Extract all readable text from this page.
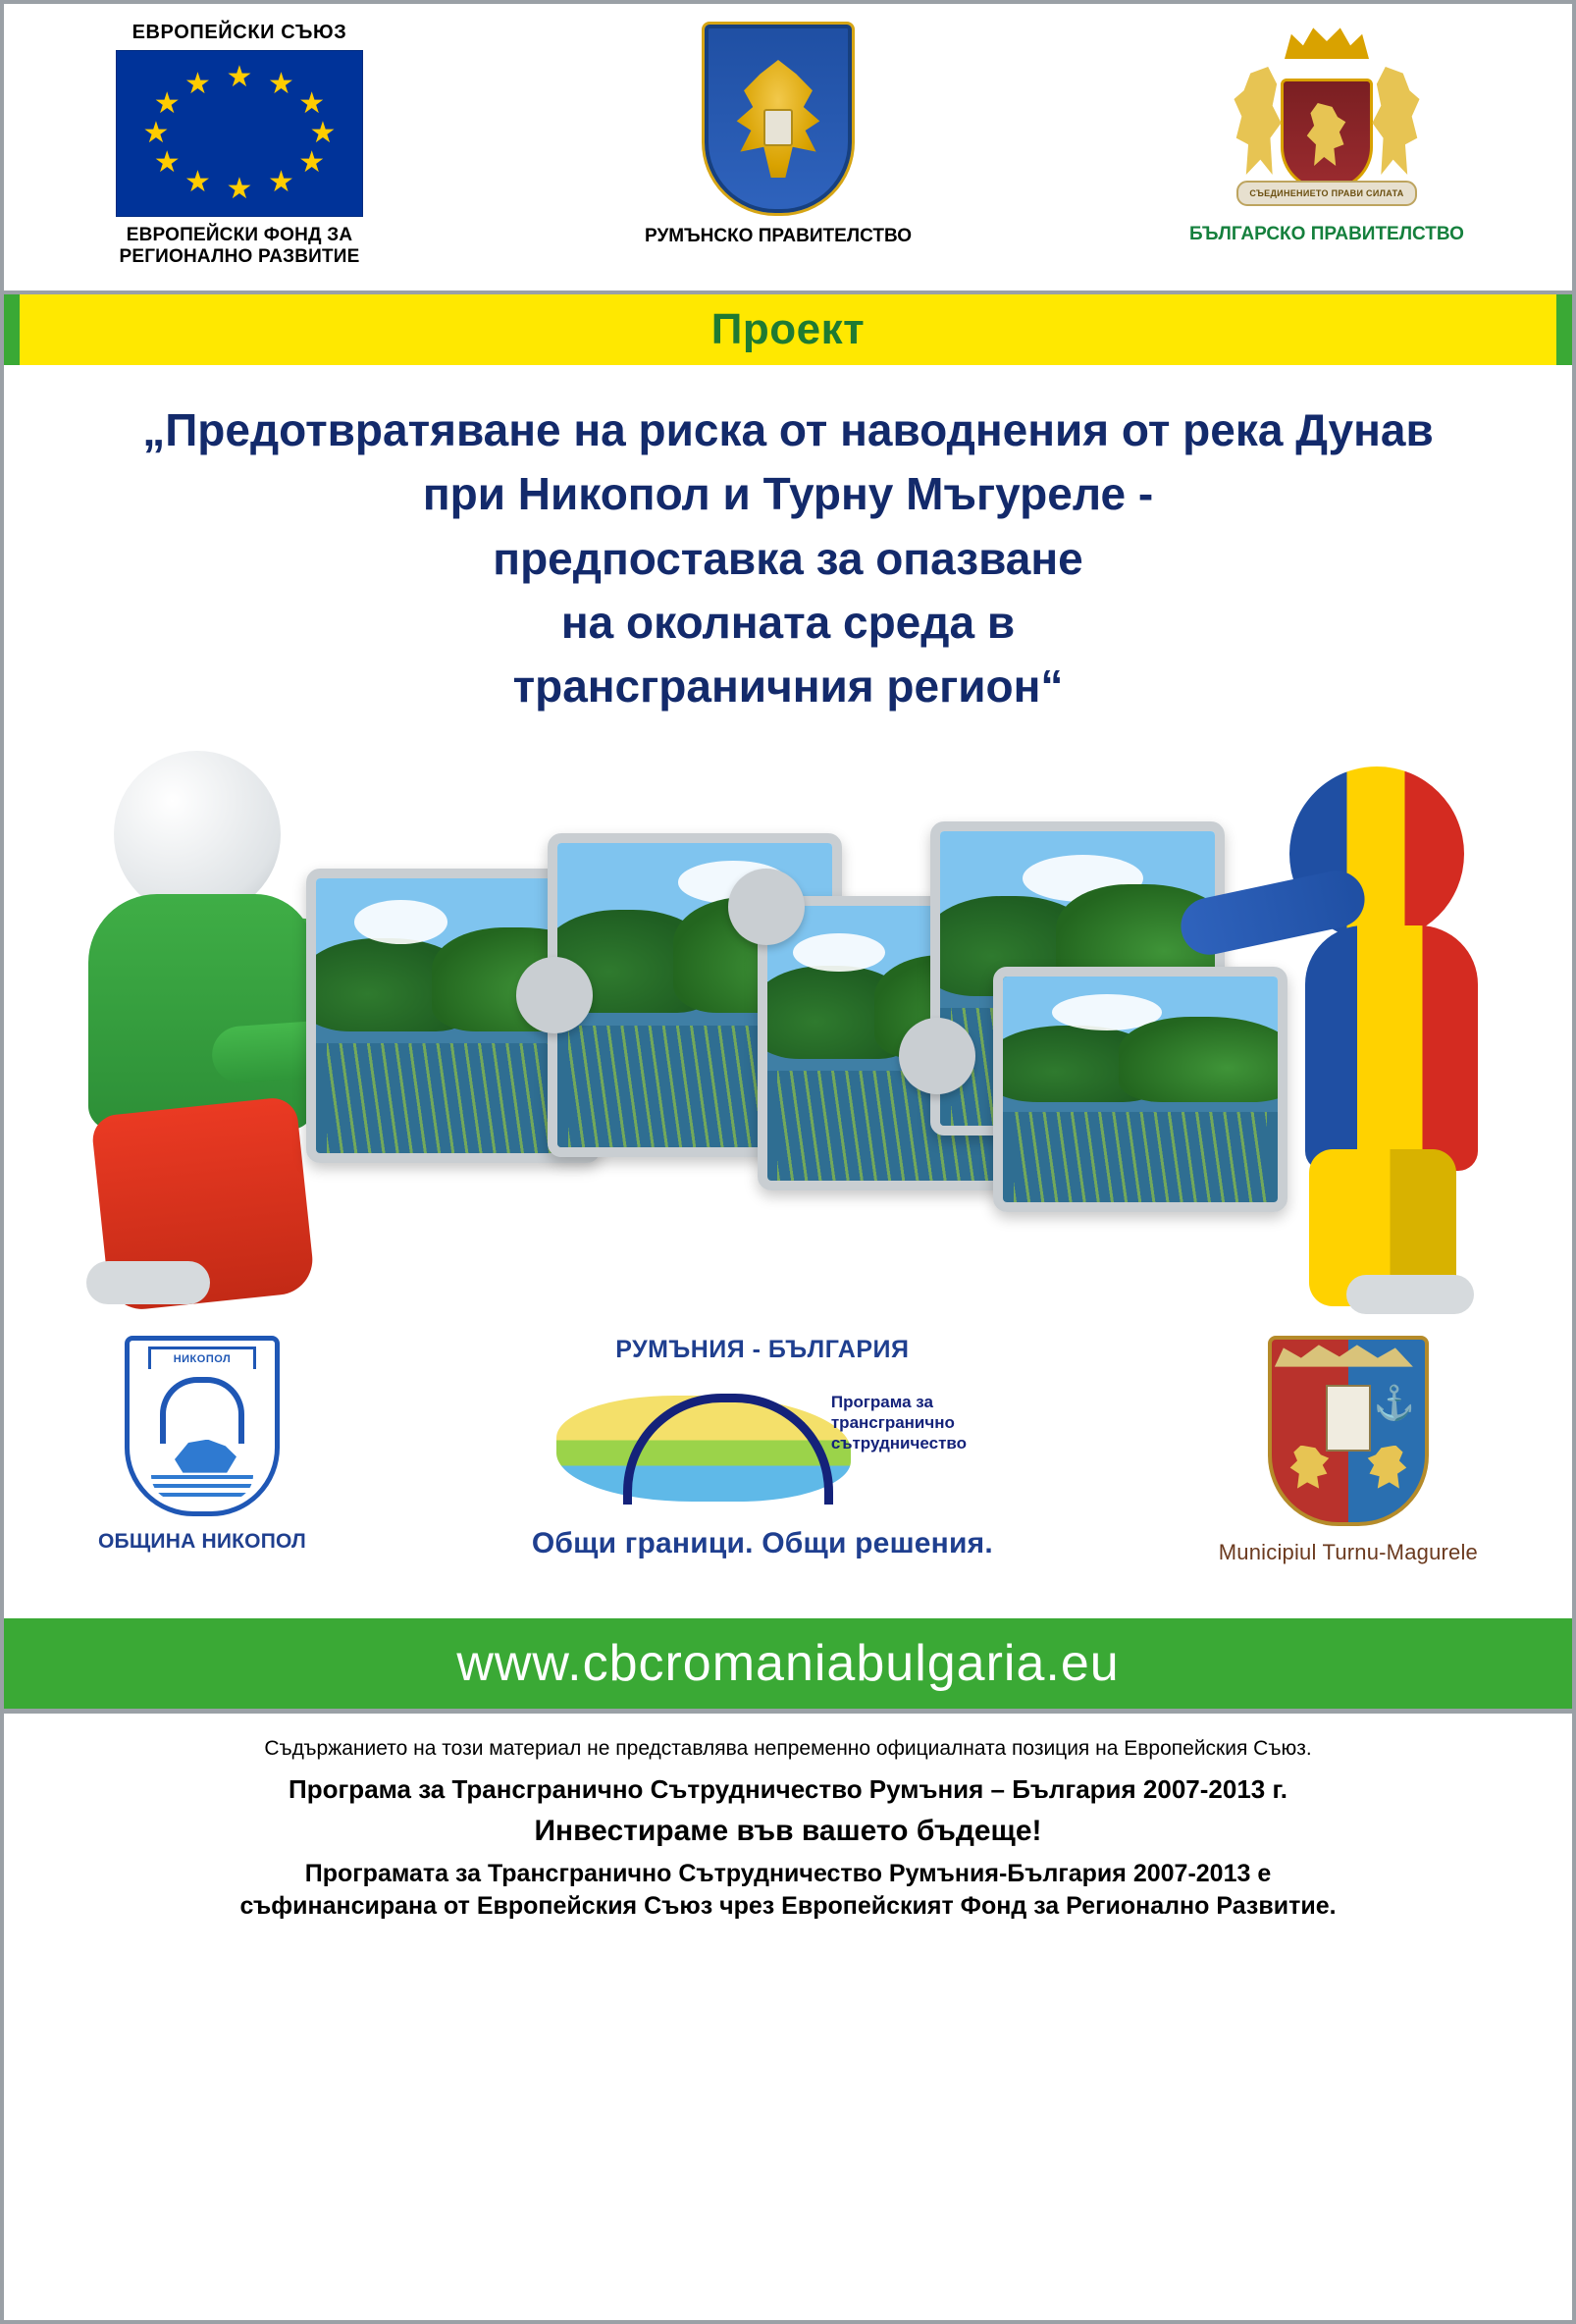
ЕВРОПЕЙСКИ СЪЮЗ
★ ★
★
★
★
★
★
★
★
★
★
★
ЕВРОПЕЙСКИ ФОНД ЗА
РЕГИОНАЛНО РАЗВИТИЕ
РУМЪНСКО ПРАВИТЕЛСТВО
СЪЕДИНЕНИЕТО ПРАВИ СИЛАТА
БЪЛГАРСКО ПРАВИТЕЛСТВО
Проект
„Предотвратяване на риска от наводнения от река Дунав
при Никопол и Турну Мъгуреле -
предпоставка за опазване
на околната среда в
трансграничния регион“
НИКОПОЛ
ОБЩИНА НИКОПОЛ
РУМЪНИЯ - БЪЛГАРИЯ
Програма за
трансгранично
сътрудничество
Общи граници. Общи решения.
⚓
Municipiul Turnu-Magurele
www.cbcromaniabulgaria.eu
Съдържанието на този материал не представлява непременно официалната позиция на Европейския Съюз.
Програма за Трансгранично Сътрудничество Румъния – България 2007-2013 г.
Инвестираме във вашето бъдеще!
Програмата за Трансгранично Сътрудничество Румъния-България 2007-2013 е
съфинансирана от Европейския Съюз чрез Европейският Фонд за Регионално Развитие.
